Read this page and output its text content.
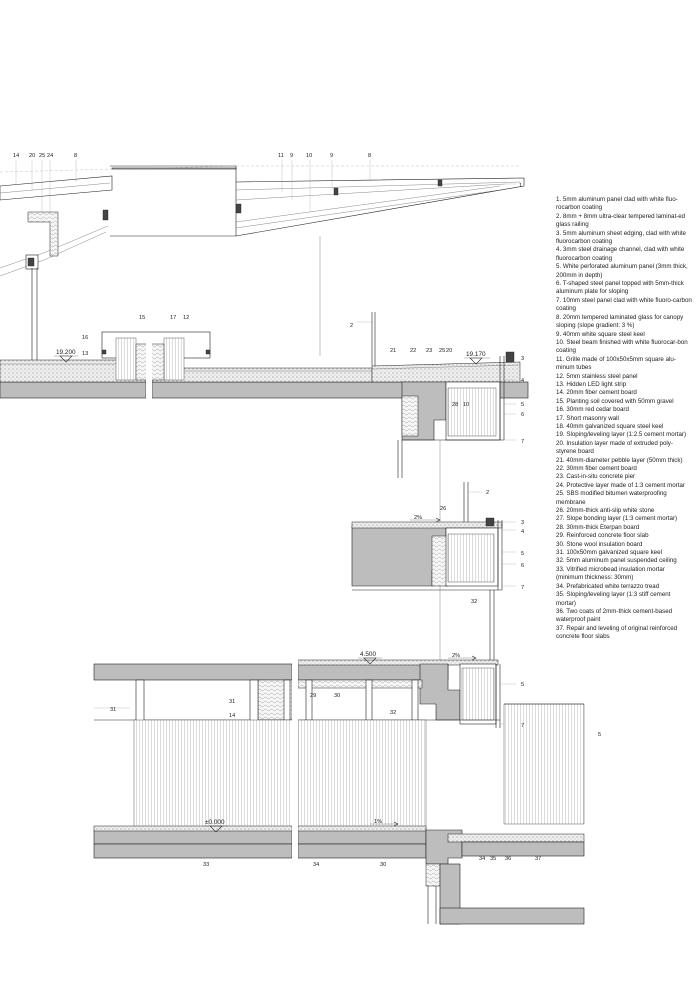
14 20 25 24	8	11 9 10	9	8
1
16
15	17 12
13	21 22 23 25 20
2
3
4
5
6
7
28 10
2
26
3
4
5
6
7
32
31
31
14
29	30
32
5
7
5
33	34	30
34 35 36	37
19.200	19.170
4.500
±0.000
2%
2%
1%
1. 5mm aluminum panel clad with white fluo-rocarbon coating
2. 8mm + 8mm ultra-clear tempered laminat-ed glass railing
3. 5mm aluminum sheet edging, clad with white fluorocarbon coating
4. 3mm steel drainage channel, clad with white fluorocarbon coating
5. White perforated aluminum panel (3mm thick, 200mm in depth)
6. T-shaped steel panel topped with 5mm-thick aluminum plate for sloping
7. 10mm steel panel clad with white fluoro-carbon coating
8. 20mm tempered laminated glass for canopy sloping (slope gradient: 3 %)
9. 40mm white square steel keel
10. Steel beam finished with white fluorocar-bon coating
11. Grille made of 100x50x5mm square alu-minum tubes
12. 5mm stainless steel panel
13. Hidden LED light strip
14. 20mm fiber cement board
15. Planting soil covered with 50mm gravel
16. 30mm red cedar board
17. Short masonry wall
18. 40mm galvanized square steel keel
19. Sloping/leveling layer (1:2.5 cement mortar)
20. Insulation layer made of extruded poly-styrene board
21. 40mm-diameter pebble layer (50mm thick)
22. 30mm fiber cement board
23. Cast-in-situ concrete pier
24. Protective layer made of 1:3 cement mortar
25. SBS modified bitumen waterproofing membrane
26. 20mm-thick anti-slip white stone
27. Slope bonding layer (1:3 cement mortar)
28. 30mm-thick Eterpan board
29. Reinforced concrete floor slab
30. Stone wool insulation board
31. 100x50mm galvanized square keel
32. 5mm aluminum panel suspended ceiling
33. Vitrified microbead insulation mortar (minimum thickness: 30mm)
34. Prefabricated white terrazzo tread
35. Sloping/leveling layer (1:3 stiff cement mortar)
36. Two coats of 2mm-thick cement-based waterproof paint
37. Repair and leveling of original reinforced concrete floor slabs
